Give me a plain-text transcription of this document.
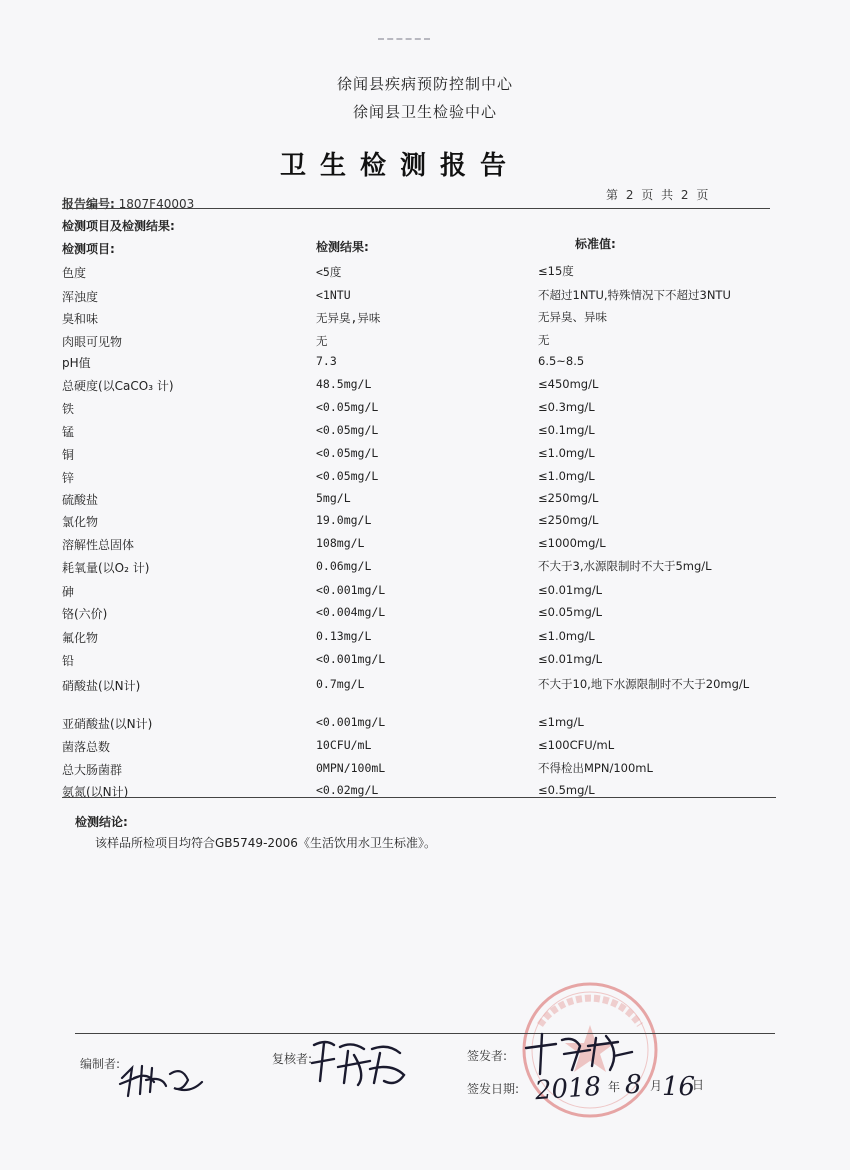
徐闻县疾病预防控制中心
徐闻县卫生检验中心
卫生检测报告
报告编号: 1807F40003
第 2 页 共 2 页
检测项目及检测结果:
检测项目:	检测结果:	标准值:
色度	<5度	≤15度
浑浊度	<1NTU	不超过1NTU,特殊情况下不超过3NTU
臭和味	无异臭,异味	无异臭、异味
肉眼可见物	无	无
pH值	7.3	6.5~8.5
总硬度(以CaCO₃ 计)	48.5mg/L	≤450mg/L
铁	<0.05mg/L	≤0.3mg/L
锰	<0.05mg/L	≤0.1mg/L
铜	<0.05mg/L	≤1.0mg/L
锌	<0.05mg/L	≤1.0mg/L
硫酸盐	5mg/L	≤250mg/L
氯化物	19.0mg/L	≤250mg/L
溶解性总固体	108mg/L	≤1000mg/L
耗氧量(以O₂ 计)	0.06mg/L	不大于3,水源限制时不大于5mg/L
砷	<0.001mg/L	≤0.01mg/L
铬(六价)	<0.004mg/L	≤0.05mg/L
氟化物	0.13mg/L	≤1.0mg/L
铅	<0.001mg/L	≤0.01mg/L
硝酸盐(以N计)	0.7mg/L	不大于10,地下水源限制时不大于20mg/L
亚硝酸盐(以N计)	<0.001mg/L	≤1mg/L
菌落总数	10CFU/mL	≤100CFU/mL
总大肠菌群	0MPN/100mL	不得检出MPN/100mL
氨氮(以N计)	<0.02mg/L	≤0.5mg/L
检测结论:
该样品所检项目均符合GB5749-2006《生活饮用水卫生标准》。
编制者:	复核者:	签发者:
签发日期: 2018 年 8 月 16
日
